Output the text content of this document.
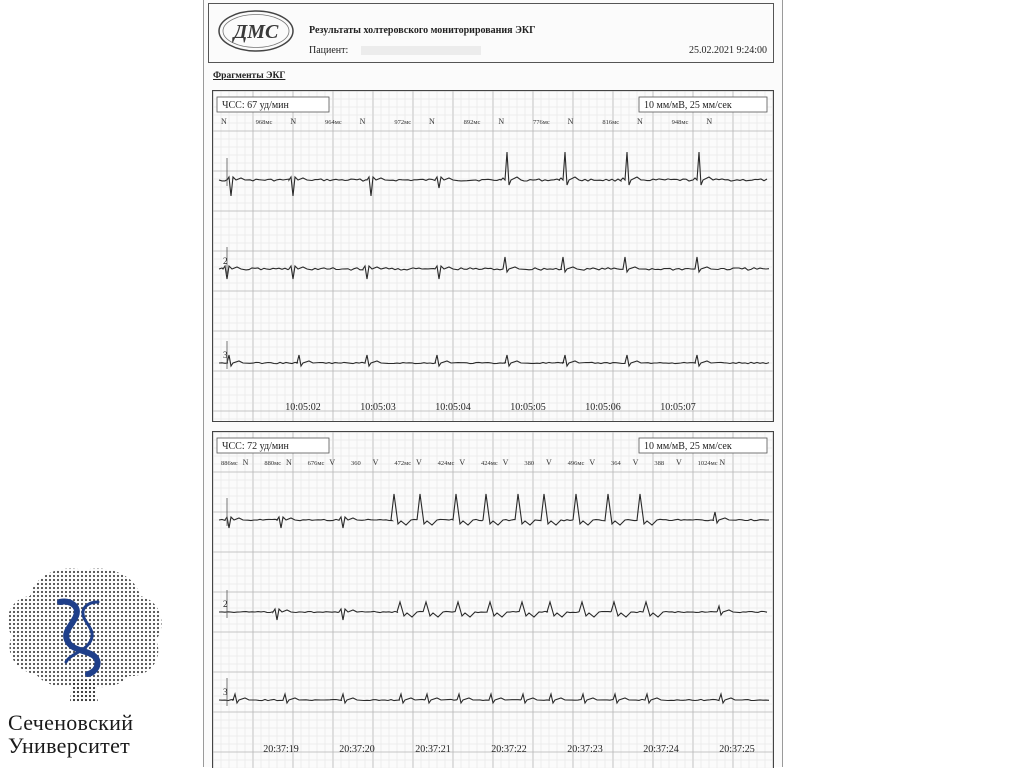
ДМС	Результаты холтеровского мониторирования ЭКГ
Пациент:	25.02.2021 9:24:00
Фрагменты ЭКГ
ЧСС: 67 уд/мин	10 мм/мВ, 25 мм/сек
N	968мс N	964мс N	972мс N	892мс N	776мс N	816мс N	948мс N
2
3
10:05:02	10:05:03	10:05:04	10:05:05	10:05:06	10:05:07
ЧСС: 72 уд/мин	10 мм/мВ, 25 мм/сек
886мс N 880мс N 676мс V 360 V 472мс V 424мс V 424мс V 380 V 496мс V 364 V 388 V 1024мс N
2
3
20:37:19	20:37:20	20:37:21	20:37:22	20:37:23	20:37:24	20:37:25
Сеченовский
Университет
